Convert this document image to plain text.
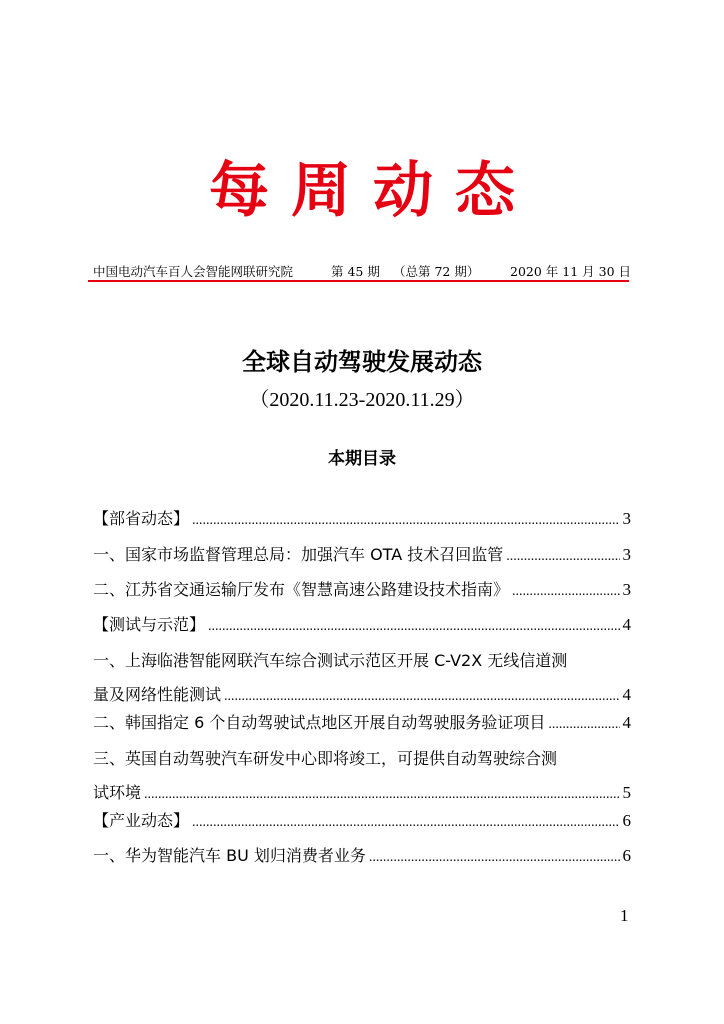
每周动态
中国电动汽车百人会智能网联研究院	第 45 期 （总第 72 期） 2020 年 11 月 30 日
全球自动驾驶发展动态
（2020.11.23-2020.11.29）
本期目录
【部省动态】 .....	3
一、国家市场监督管理总局：加强汽车 OTA 技术召回监管 .....	3
二、江苏省交通运输厅发布《智慧高速公路建设技术指南》 .....	3
【测试与示范】 .....	4
一、上海临港智能网联汽车综合测试示范区开展 C-V2X 无线信道测
量及网络性能测试 .....	4
二、韩国指定 6 个自动驾驶试点地区开展自动驾驶服务验证项目 .....	4
三、英国自动驾驶汽车研发中心即将竣工，可提供自动驾驶综合测
试环境 .....	5
【产业动态】 .....	6
一、华为智能汽车 BU 划归消费者业务 .....	6
1
